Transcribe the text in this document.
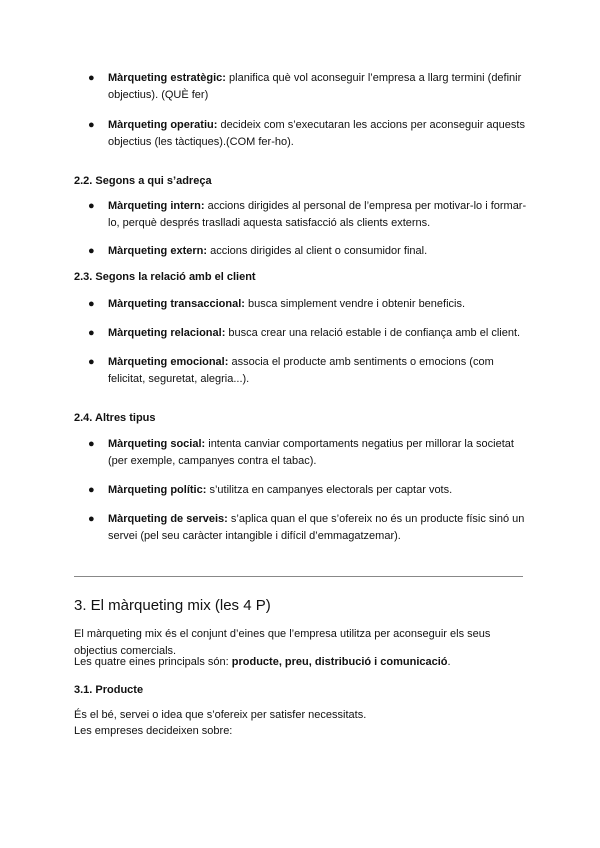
● Màrqueting estratègic: planifica què vol aconseguir l’empresa a llarg termini (definir objectius). (QUÈ fer)

● Màrqueting operatiu: decideix com s’executaran les accions per aconseguir aquests objectius (les tàctiques).(COM fer-ho).

2.2. Segons a qui s’adreça

● Màrqueting intern: accions dirigides al personal de l’empresa per motivar-lo i formar-lo, perquè després traslladi aquesta satisfacció als clients externs.

● Màrqueting extern: accions dirigides al client o consumidor final.

2.3. Segons la relació amb el client

● Màrqueting transaccional: busca simplement vendre i obtenir beneficis.

● Màrqueting relacional: busca crear una relació estable i de confiança amb el client.

● Màrqueting emocional: associa el producte amb sentiments o emocions (com felicitat, seguretat, alegria...).

2.4. Altres tipus

● Màrqueting social: intenta canviar comportaments negatius per millorar la societat (per exemple, campanyes contra el tabac).

● Màrqueting polític: s’utilitza en campanyes electorals per captar vots.

● Màrqueting de serveis: s’aplica quan el que s’ofereix no és un producte físic sinó un servei (pel seu caràcter intangible i difícil d’emmagatzemar).

3. El màrqueting mix (les 4 P)

El màrqueting mix és el conjunt d’eines que l’empresa utilitza per aconseguir els seus objectius comercials.

Les quatre eines principals són: producte, preu, distribució i comunicació.

3.1. Producte

És el bé, servei o idea que s’ofereix per satisfer necessitats.

Les empreses decideixen sobre:
